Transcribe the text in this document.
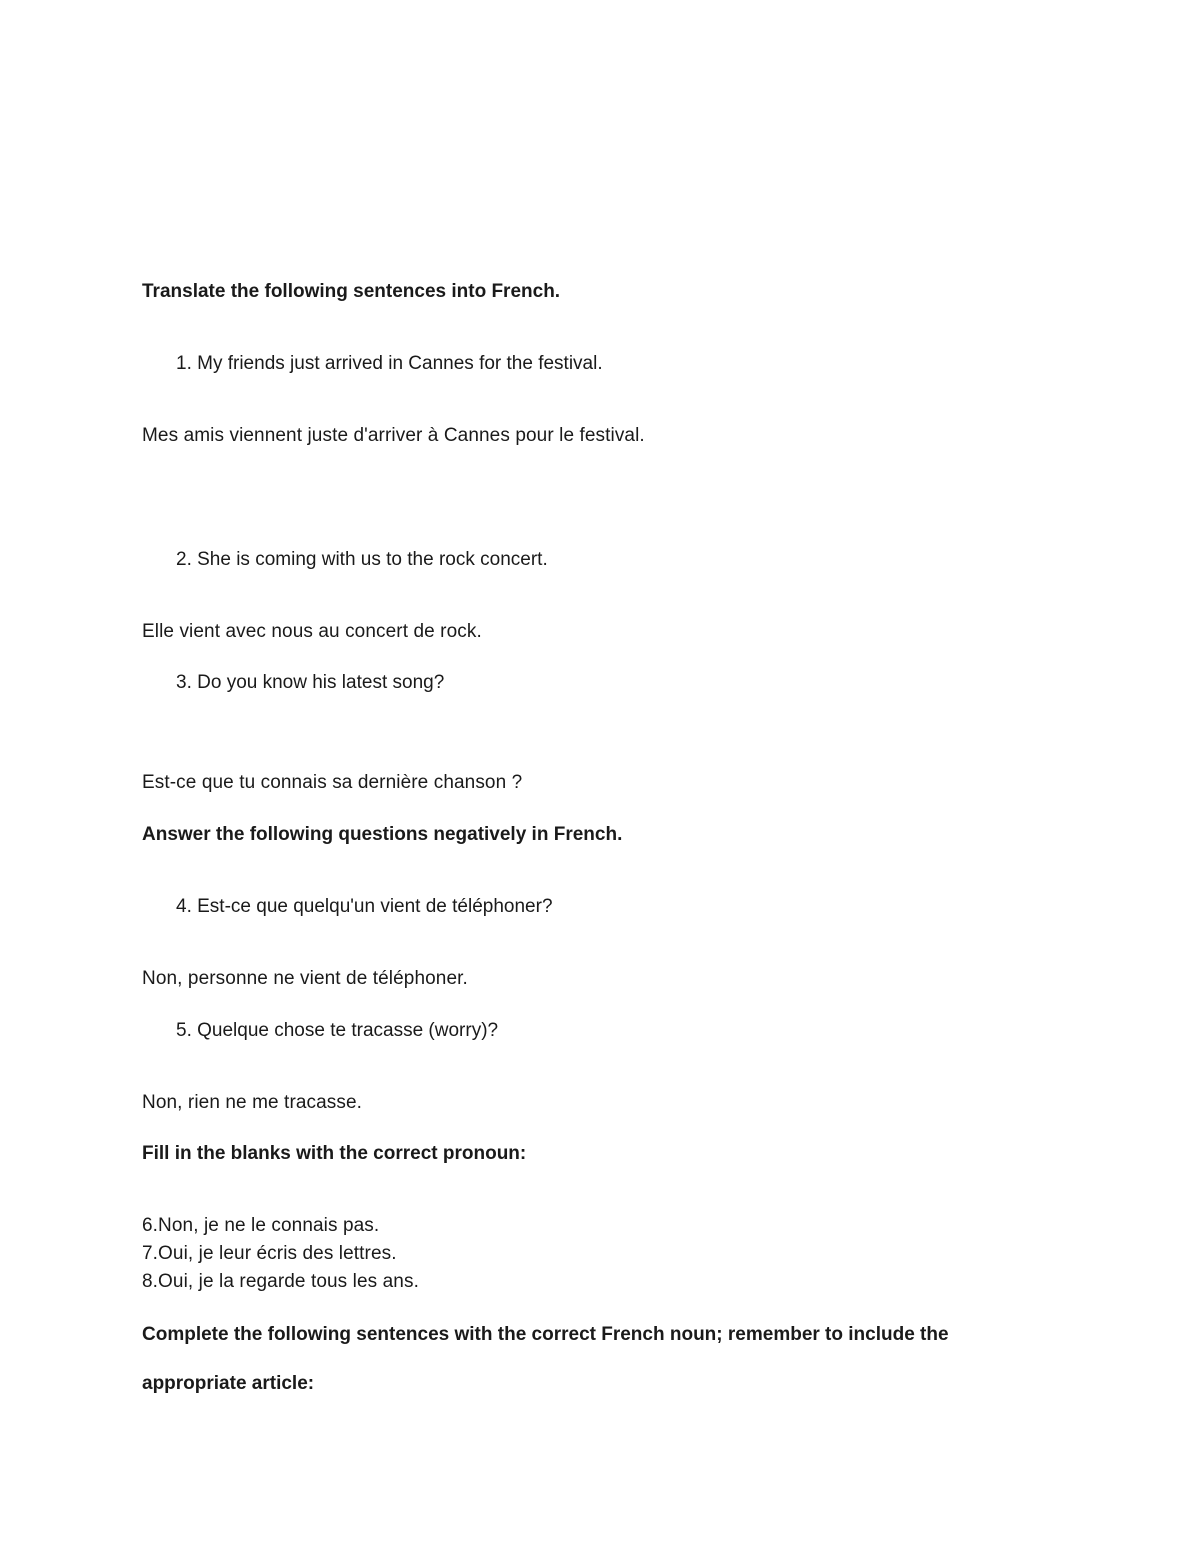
Translate the following sentences into French.
1. My friends just arrived in Cannes for the festival.
Mes amis viennent juste d'arriver à Cannes pour le festival.
2. She is coming with us to the rock concert.
Elle vient avec nous au concert de rock.
3. Do you know his latest song?
Est-ce que tu connais sa dernière chanson ?
Answer the following questions negatively in French.
4. Est-ce que quelqu'un vient de téléphoner?
Non, personne ne vient de téléphoner.
5. Quelque chose te tracasse (worry)?
Non, rien ne me tracasse.
Fill in the blanks with the correct pronoun:
6.Non, je ne le connais pas.
7.Oui, je leur écris des lettres.
8.Oui, je la regarde tous les ans.
Complete the following sentences with the correct French noun; remember to include the
appropriate article:
